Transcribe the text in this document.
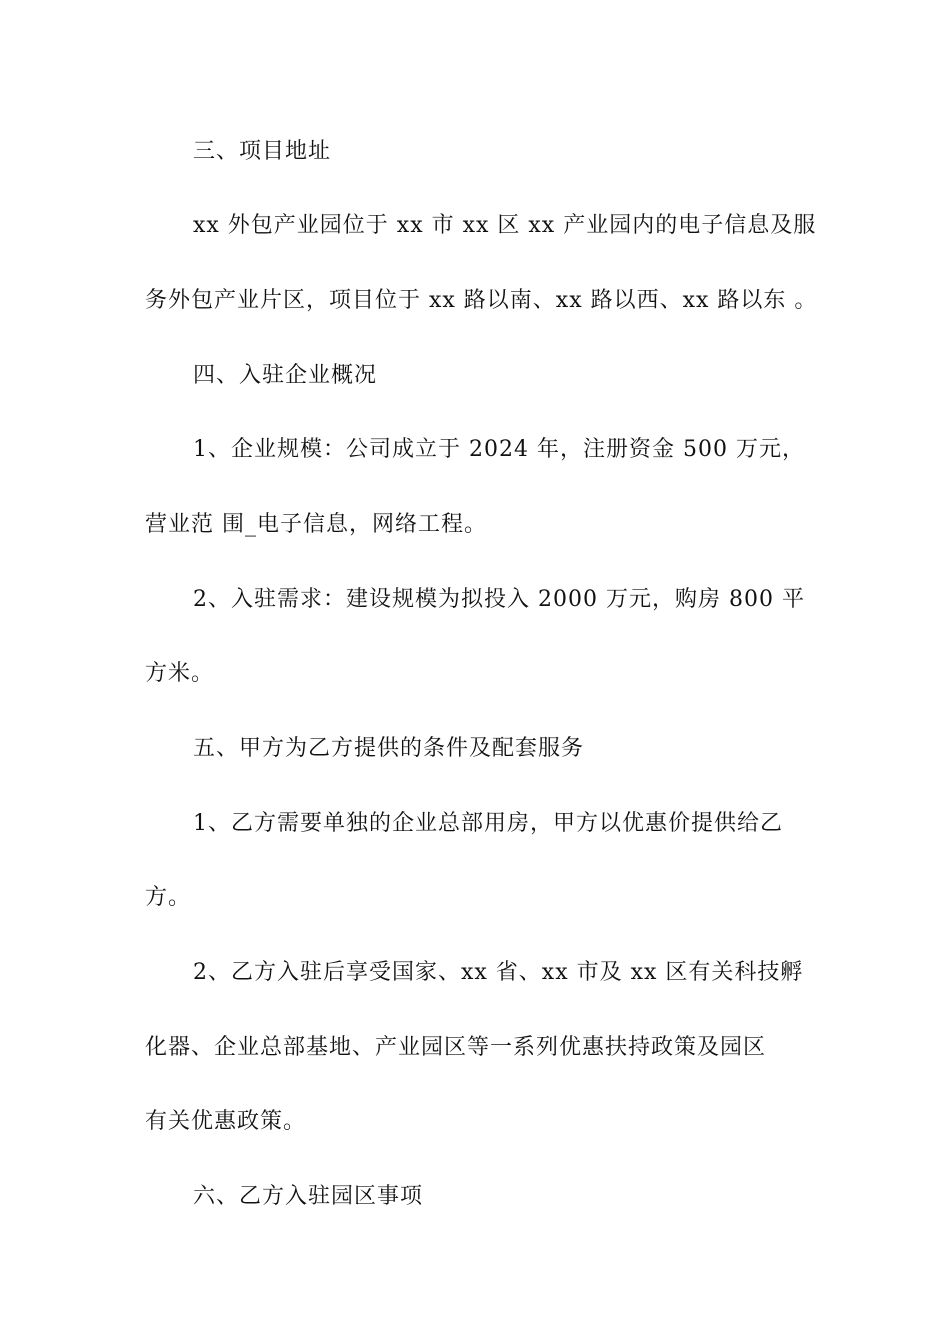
三、项目地址
xx 外包产业园位于 xx 市 xx 区 xx 产业园内的电子信息及服
务外包产业片区，项目位于 xx 路以南、xx 路以西、xx 路以东 。
四、入驻企业概况
1、企业规模：公司成立于 2024 年，注册资金 500 万元，
营业范 围_电子信息，网络工程。
2、入驻需求：建设规模为拟投入 2000 万元，购房 800 平
方米。
五、甲方为乙方提供的条件及配套服务
1、乙方需要单独的企业总部用房，甲方以优惠价提供给乙
方。
2、乙方入驻后享受国家、xx 省、xx 市及 xx 区有关科技孵
化器、企业总部基地、产业园区等一系列优惠扶持政策及园区
有关优惠政策。
六、乙方入驻园区事项
